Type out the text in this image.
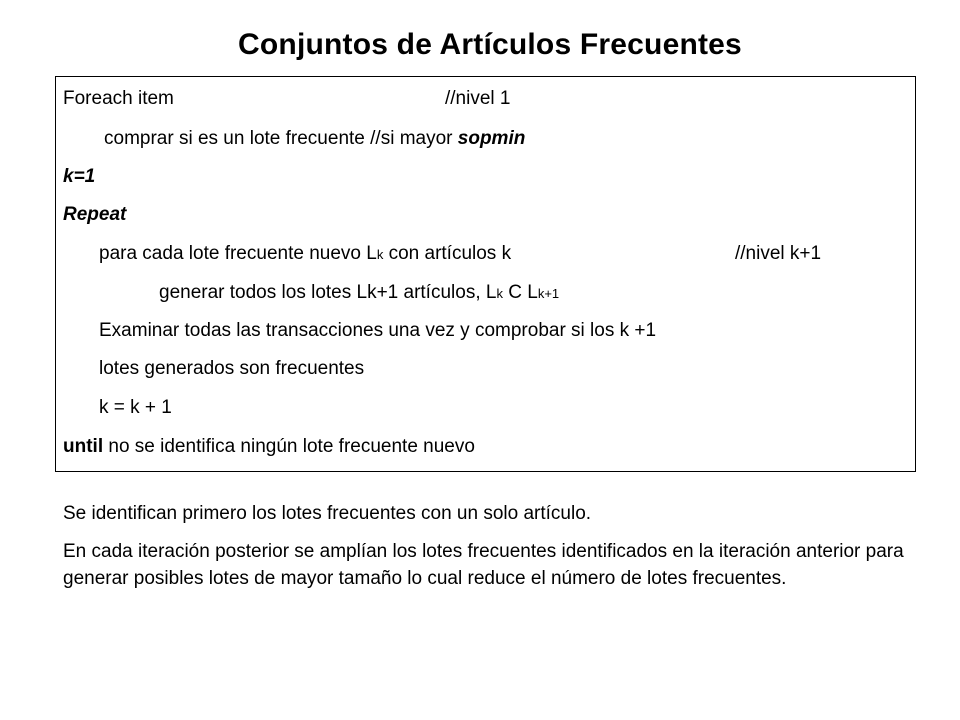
Conjuntos de Artículos Frecuentes
Foreach item	//nivel 1
comprar si es un lote frecuente //si mayor sopmin
k=1
Repeat
para cada lote frecuente nuevo Lk con artículos k	//nivel k+1
generar todos los lotes Lk+1 artículos, Lk C Lk+1
Examinar todas las transacciones una vez y comprobar si los k +1
lotes generados son frecuentes
k = k + 1
until no se identifica ningún lote frecuente nuevo

Se identifican primero los lotes frecuentes con un solo artículo.

En cada iteración posterior se amplían los lotes frecuentes identificados en la iteración anterior para generar posibles lotes de mayor tamaño lo cual reduce el número de lotes frecuentes.
